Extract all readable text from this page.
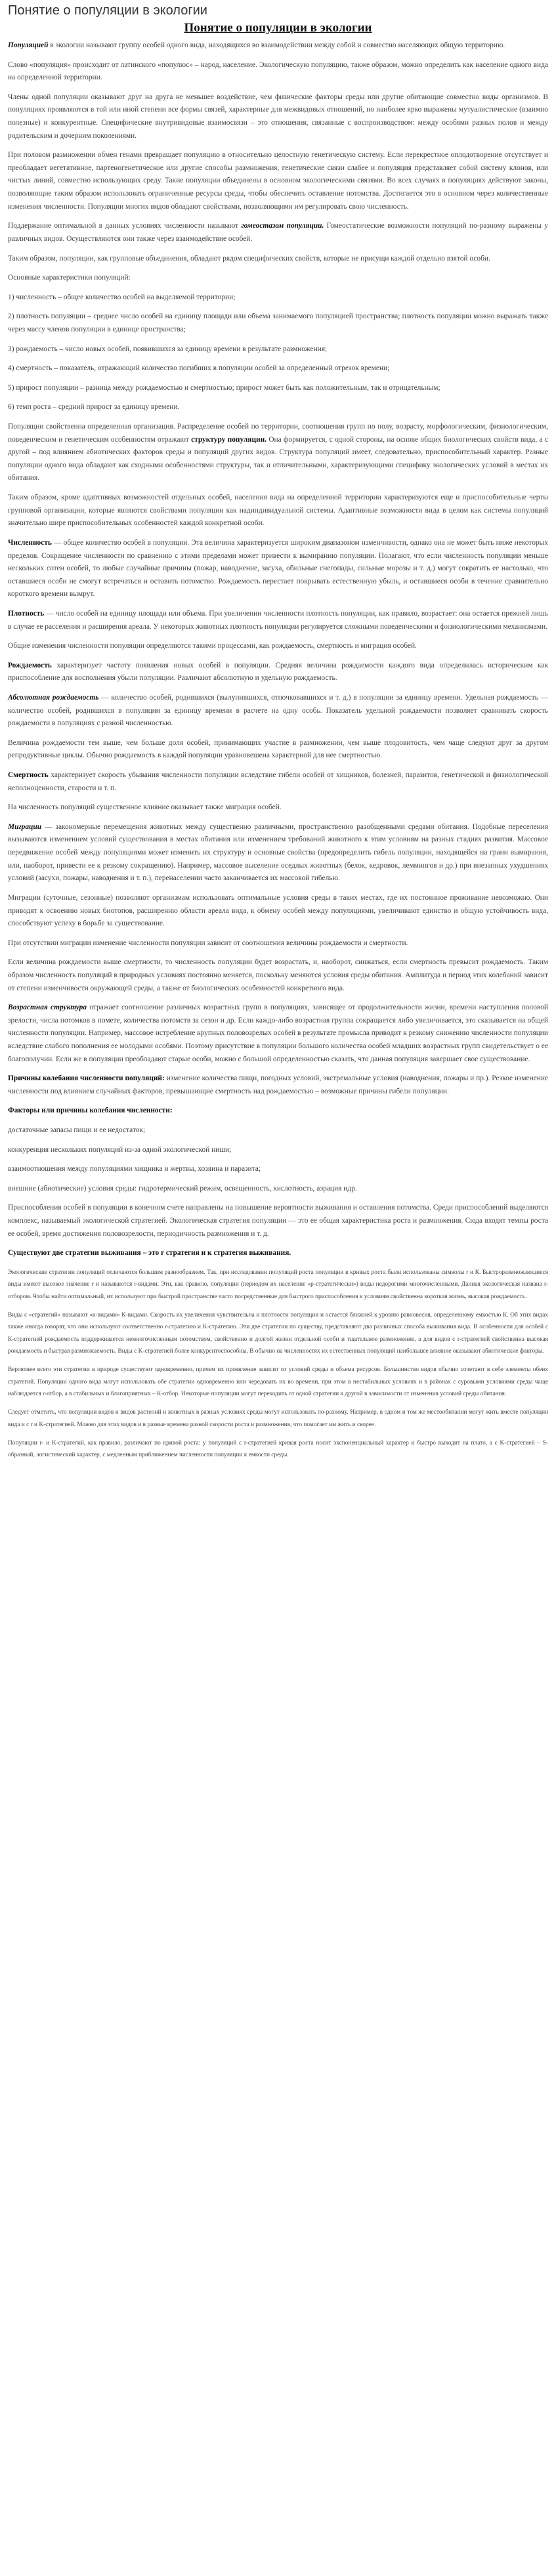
Понятие о популяции в экологии
Понятие о популяции в экологии

Популяцией в экологии называют группу особей одного вида, находящихся во взаимодействии между собой и совместно населяющих общую территорию.

Слово «популяция» происходит от латинского «популюс» – народ, население. Экологическую популяцию, также образом, можно определить как население одного вида на определенной территории.

Члены одной популяции оказывают друг на друга не меньшее воздействие, чем физические факторы среды или другие обитающие совместно виды организмов. В популяциях проявляются в той или иной степени все формы связей, характерные для межвидовых отношений, но наиболее ярко выражены мутуалистические (взаимно полезные) и конкурентные. Специфические внутривидовые взаимосвязи – это отношения, связанные с воспроизводством: между особями разных полов и между родительским и дочерним поколениями.

При половом размножении обмен генами превращает популяцию в относительно целостную генетическую систему. Если перекрестное оплодотворение отсутствует и преобладает вегетативное, партеногенетическое или другие способы размножения, генетические связи слабее и популяция представляет собой систему клонов, или чистых линий, совместно использующих среду. Такие популяции объединены в основном экологическими связями. Во всех случаях в популяциях действуют законы, позволяющие таким образом использовать ограниченные ресурсы среды, чтобы обеспечить оставление потомства. Достигается это в основном через количественные изменения численности. Популяции многих видов обладают свойствами, позволяющими им регулировать свою численность.

Поддержание оптимальной в данных условиях численности называют гомеостазом популяции. Гомеостатические возможности популяций по-разному выражены у различных видов. Осуществляются они также через взаимодействие особей.

Таким образом, популяции, как групповые объединения, обладают рядом специфических свойств, которые не присущи каждой отдельно взятой особи.

Основные характеристики популяций:

1) численность – общее количество особей на выделяемой территории;

2) плотность популяции – среднее число особей на единицу площади или объема занимаемого популяцией пространства; плотность популяции можно выражать также через массу членов популяции в единице пространства;

3) рождаемость – число новых особей, появившихся за единицу времени в результате размножения;

4) смертность – показатель, отражающий количество погибших в популяции особей за определенный отрезок времени;

5) прирост популяции – разница между рождаемостью и смертностью; прирост может быть как положительным, так и отрицательным;

6) темп роста – средний прирост за единицу времени.

Популяции свойственна определенная организация. Распределение особей по территории, соотношения групп по полу, возрасту, морфологическим, физиологическим, поведенческим и генетическим особенностям отражают структуру популяции. Она формируется, с одной стороны, на основе общих биологических свойств вида, а с другой – под влиянием абиотических факторов среды и популяций других видов. Структура популяций имеет, следовательно, приспособительный характер. Разные популяции одного вида обладают как сходными особенностями структуры, так и отличительными, характеризующими специфику экологических условий в местах их обитания.

Таким образом, кроме адаптивных возможностей отдельных особей, населения вида на определенной территории характеризуются еще и приспособительные черты групповой организации, которые являются свойствами популяции как надиндивидуальной системы. Адаптивные возможности вида в целом как системы популяций значительно шире приспособительных особенностей каждой конкретной особи.

Численность — общее количество особей в популяции. Эта величина характеризуется широким диапазоном изменчивости, однако она не может быть ниже некоторых пределов. Сокращение численности по сравнению с этими пределами может привести к вымиранию популяции. Полагают, что если численность популяции меньше нескольких сотен особей, то любые случайные причины (пожар, наводнение, засуха, обильные снегопады, сильные морозы и т. д.) могут сократить ее настолько, что оставшиеся особи не смогут встречаться и оставить потомство. Рождаемость перестает покрывать естественную убыль, и оставшиеся особи в течение сравнительно короткого времени вымрут.

Плотность — число особей на единицу площади или объема. При увеличении численности плотность популяции, как правило, возрастает: она остается прежней лишь в случае ее расселения и расширения ареала. У некоторых животных плотность популяции регулируется сложными поведенческими и физиологическими механизмами.

Общие изменения численности популяции определяются такими процессами, как рождаемость, смертность и миграция особей.

Рождаемость характеризует частоту появления новых особей в популяции. Средняя величина рождаемости каждого вида определилась историческим как приспособление для восполнения убыли популяции. Различают абсолютную и удельную рождаемость.

Абсолютная рождаемость — количество особей, родившихся (вылупившихся, отпочковавшихся и т. д.) в популяции за единицу времени. Удельная рождаемость — количество особей, родившихся в популяции за единицу времени в расчете на одну особь. Показатель удельной рождаемости позволяет сравнивать скорость рождаемости в популяциях с разной численностью.

Величина рождаемости тем выше, чем больше доля особей, принимающих участие в размножении, чем выше плодовитость, чем чаще следуют друг за другом репродуктивные циклы. Обычно рождаемость в каждой популяции уравновешена характерной для нее смертностью.

Смертность характеризует скорость убывания численности популяции вследствие гибели особей от хищников, болезней, паразитов, генетической и физиологической неполноценности, старости и т. п.

На численность популяций существенное влияние оказывает также миграция особей.

Миграции — закономерные перемещения животных между существенно различными, пространственно разобщенными средами обитания. Подобные переселения вызываются изменением условий существования в местах обитания или изменением требований животного к этим условиям на разных стадиях развития. Массовое передвижение особей между популяциями может изменить их структуру и основные свойства (предопределить гибель популяции, находящейся на грани вымирания, или, наоборот, привести ее к резкому сокращению). Например, массовое выселение оседлых животных (белок, кедровок, леммингов и др.) при внезапных ухудшениях условий (засухи, пожары, наводнения и т. п.), перенаселении часто заканчивается их массовой гибелью.

Миграции (суточные, сезонные) позволяют организмам использовать оптимальные условия среды в таких местах, где их постоянное проживание невозможно. Они приводят к освоению новых биотопов, расширению области ареала вида, к обмену особей между популяциями, увеличивают единство и общую устойчивость вида, способствуют успеху в борьбе за существование.

При отсутствии миграции изменение численности популяции зависит от соотношения величины рождаемости и смертности.

Если величина рождаемости выше смертности, то численность популяции будет возрастать, и, наоборот, снижаться, если смертность превысит рождаемость. Таким образом численность популяций в природных условиях постоянно меняется, поскольку меняются условия среды обитания. Амплитуда и период этих колебаний зависит от степени изменчивости окружающей среды, а также от биологических особенностей конкретного вида.

Возрастная структура отражает соотношение различных возрастных групп в популяциях, зависящее от продолжительности жизни, времени наступления половой зрелости, числа потомков в помете, количества потомств за сезон и др. Если каждо-либо возрастная группа сокращается либо увеличивается, это сказывается на общей численности популяции. Например, массовое истребление крупных половозрелых особей в результате промысла приводит к резкому снижению численности популяции вследствие слабого пополнения ее молодыми особями. Поэтому присутствие в популяции большого количества особей младших возрастных групп свидетельствует о ее благополучии. Если же в популяции преобладают старые особи, можно с большой определенностью сказать, что данная популяция завершает свое существование.

Причины колебания численности популяций: изменение количества пищи, погодных условий, экстремальные условия (наводнения, пожары и пр.). Резкое изменение численности под влиянием случайных факторов, превышающие смертность над рождаемостью – возможные причины гибели популяции.

Факторы или причины колебания численности:

достаточные запасы пищи и ее недостаток;

конкуренция нескольких популяций из-за одной экологической ниши;

взаимоотношения между популяциями хищника и жертвы, хозяина и паразита;

внешние (абиотические) условия среды: гидротермический режим, освещенность, кислотность, аэрация идр.

Приспособления особей в популяции в конечном счете направлены на повышение вероятности выживания и оставления потомства. Среди приспособлений выделяются комплекс, называемый экологической стратегией. Экологическая стратегия популяции — это ее общая характеристика роста и размножения. Сюда входят темпы роста ее особей, время достижения половозрелости, периодичность размножения и т. д.

Существуют две стратегии выживания – это r стратегия и к стратегия выживания.

Экологические стратегии популяций отличаются большим разнообразием. Так, при исследовании популяций роста популяции в кривых роста были использованы символы r и К. Быстроразмножающиеся виды имеют высокое значение r и называются r-видами. Эти, как правило, популяции (периодом их население «р-стратегически») виды недорогими многочисленными. Данная экологическая названа r-отбором. Чтобы найти оптимальный, их используют при быстрой пространстве часто посредственные для быстрого приспособления к условиям свойственна короткая жизнь, высокая рождаемость.

Виды с «стратегий» называют «к-видами» К-видами. Скорость их увеличения чувствительна и плотности популяции и остается ближней к уровню равновесия, определенному емкостью К. Об этих видах также иногда говорят, что они используют соответственно r-стратегию и K-стратегию. Эти две стратегии по существу, представляют два различных способа выживания вида. В особенности для особей с К-стратегией рождаемость поддерживается немногочисленным потомством, свойственно и долгой жизни отдельной особи и тщательное размножение, а для видов с r-стратегией свойственна высокая рождаемость и быстрая размножаемость. Виды с K-стратегией более конкурентоспособны. В обычно на численностях их естественных популяций наибольшее влияние оказывают абиотические факторы.

Вероятнее всего эти стратегии в природе существуют одновременно, причем их проявление зависит от условий среды и объема ресурсов. Большинство видов обычно сочетают в себе элементы обеих стратегий. Популяции одного вида могут использовать обе стратегии одновременно или чередовать их во времени, при этом в нестабильных условиях и в районах с суровыми условиями среды чаще наблюдается r-отбор, а в стабильных и благоприятных – К-отбор. Некоторые популяции могут переходить от одной стратегии к другой в зависимости от изменения условий среды обитания.

Следует отметить, что популяции видов и видов растений и животных в разных условиях среды могут использовать по-разному. Например, в одном и том же местообитании могут жить вместе популяции вида и с r и K-стратегией. Можно для этих видов и в разные времена разной скорости роста и размножения, что помогает им жить и скорее.

Популяции r- и K-стратегий, как правило, различают по кривой роста: у популяций с r-стратегией кривая роста носит экспоненциальный характер и быстро выходит на плато, а с K-стратегией – S-образный, логистический характер, с медленным приближением численности популяции к емкости среды.
